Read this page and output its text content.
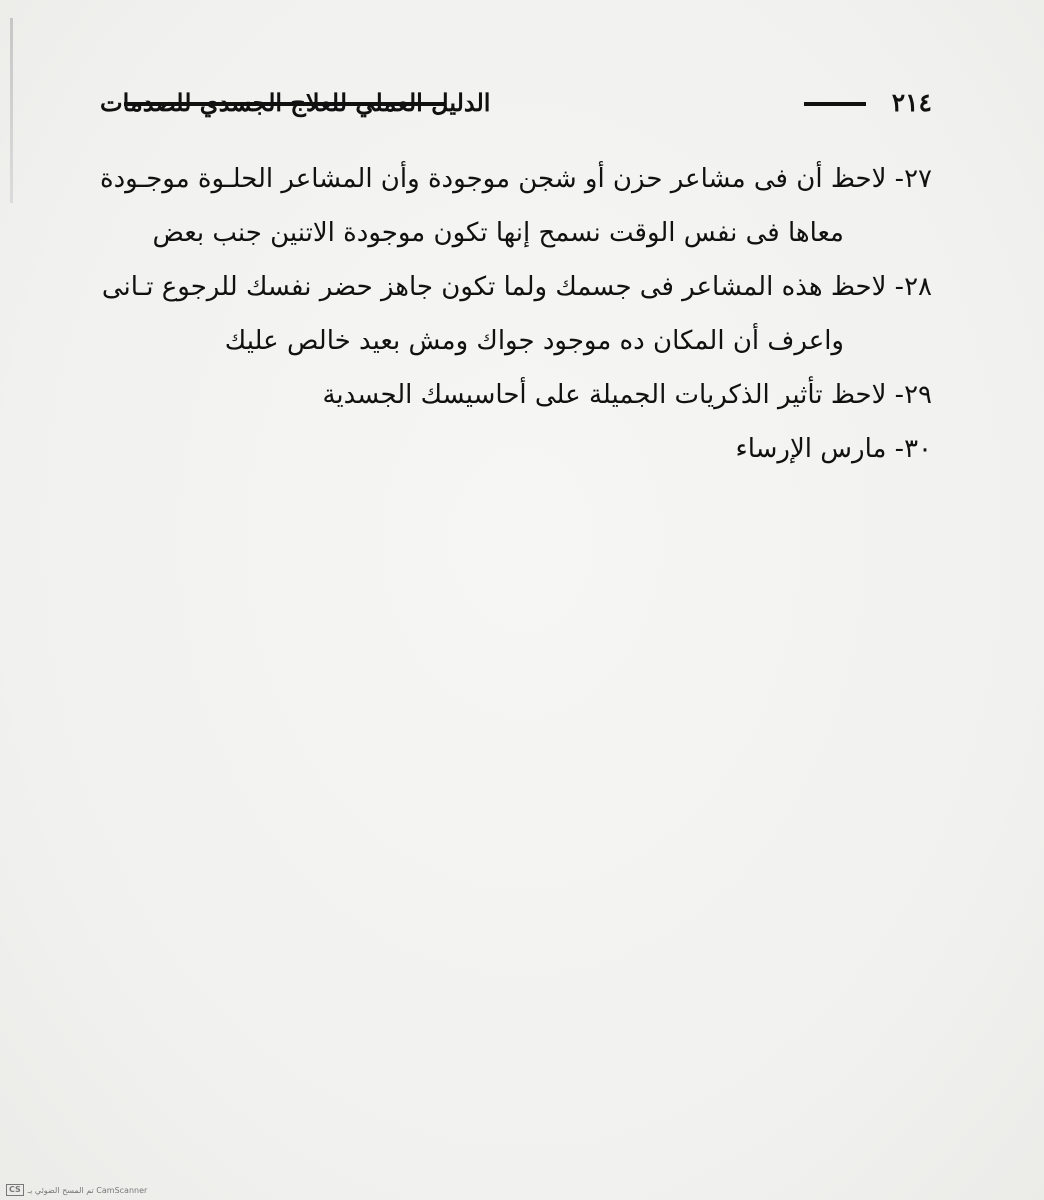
٢١٤
الدليل العملي للعلاج الجسدي للصدمات
٢٧- لاحظ أن فى مشاعر حزن أو شجن موجودة وأن المشاعر الحلـوة موجـودة
معاها فى نفس الوقت نسمح إنها تكون موجودة الاتنين جنب بعض
٢٨- لاحظ هذه المشاعر فى جسمك ولما تكون جاهز حضر نفسك للرجوع تـانى
واعرف أن المكان ده موجود جواك ومش بعيد خالص عليك
٢٩- لاحظ تأثير الذكريات الجميلة على أحاسيسك الجسدية
٣٠- مارس الإرساء
CS تم المسح الضوئي بـ CamScanner
